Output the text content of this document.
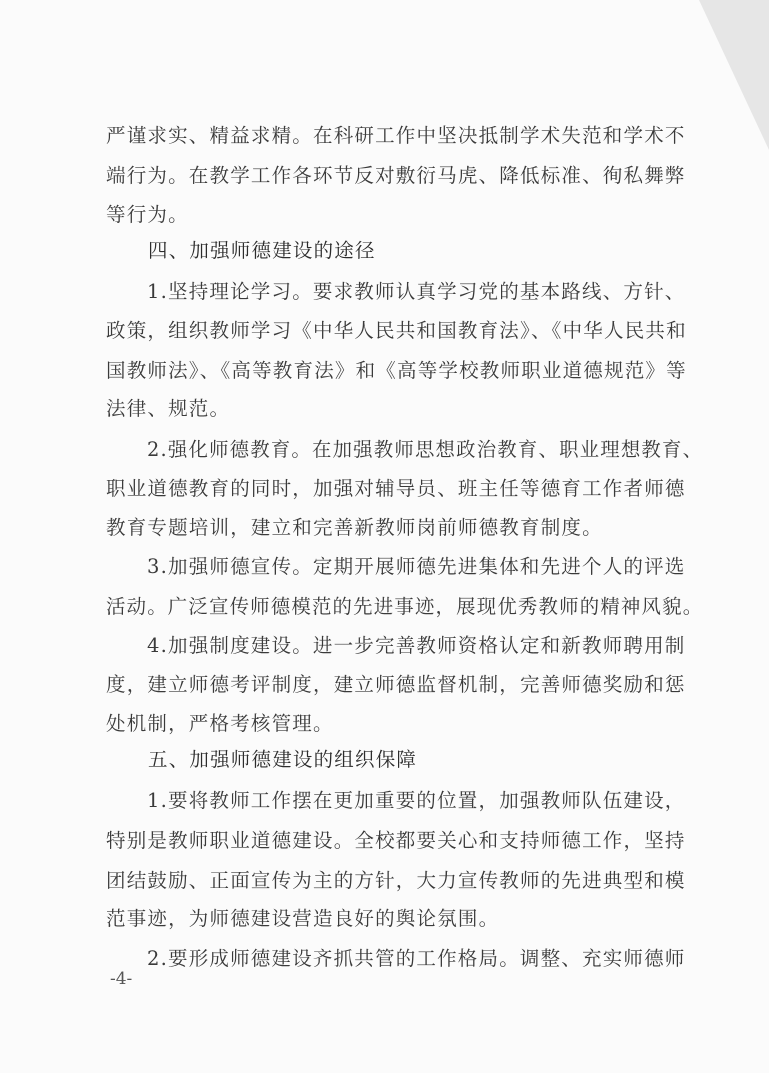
严谨求实、精益求精。在科研工作中坚决抵制学术失范和学术不
端行为。在教学工作各环节反对敷衍马虎、降低标准、徇私舞弊
等行为。
四、加强师德建设的途径
1.坚持理论学习。要求教师认真学习党的基本路线、方针、
政策，组织教师学习《中华人民共和国教育法》、《中华人民共和
国教师法》、《高等教育法》和《高等学校教师职业道德规范》等
法律、规范。
2.强化师德教育。在加强教师思想政治教育、职业理想教育、
职业道德教育的同时，加强对辅导员、班主任等德育工作者师德
教育专题培训，建立和完善新教师岗前师德教育制度。
3.加强师德宣传。定期开展师德先进集体和先进个人的评选
活动。广泛宣传师德模范的先进事迹，展现优秀教师的精神风貌。
4.加强制度建设。进一步完善教师资格认定和新教师聘用制
度，建立师德考评制度，建立师德监督机制，完善师德奖励和惩
处机制，严格考核管理。
五、加强师德建设的组织保障
1.要将教师工作摆在更加重要的位置，加强教师队伍建设，
特别是教师职业道德建设。全校都要关心和支持师德工作，坚持
团结鼓励、正面宣传为主的方针，大力宣传教师的先进典型和模
范事迹，为师德建设营造良好的舆论氛围。
2.要形成师德建设齐抓共管的工作格局。调整、充实师德师
-4-
